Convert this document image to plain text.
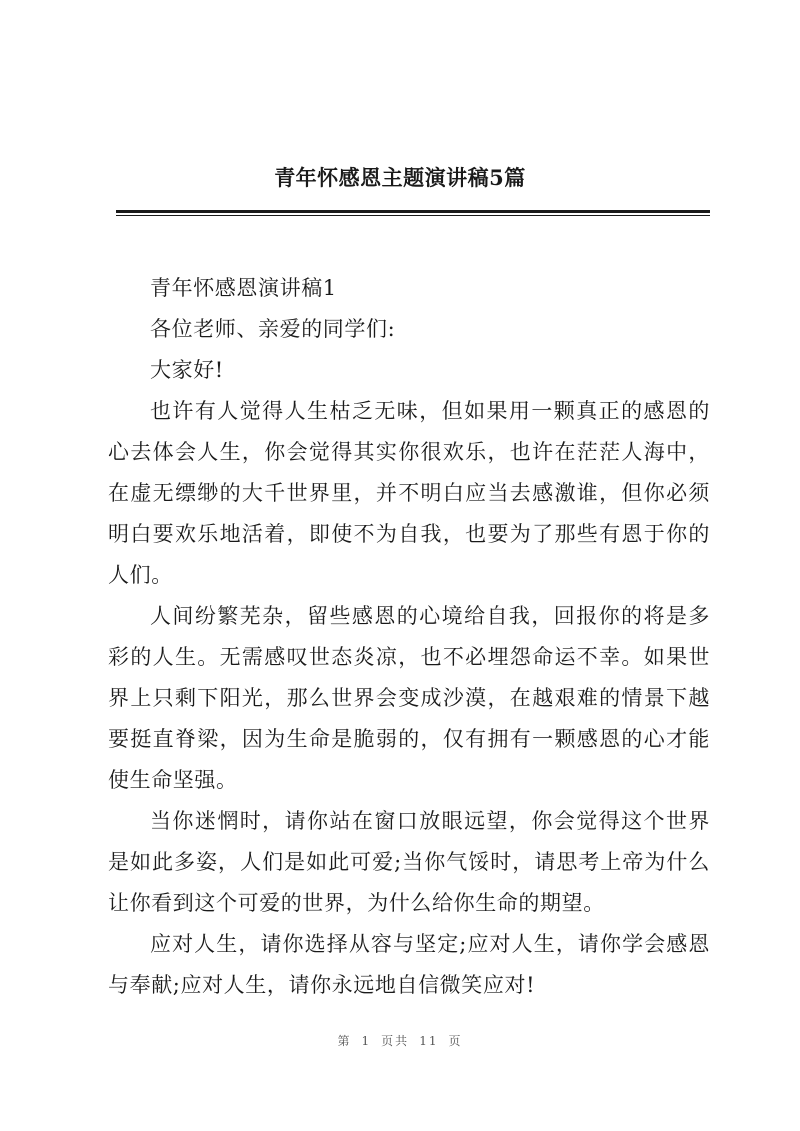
青年怀感恩主题演讲稿5篇

青年怀感恩演讲稿1

各位老师、亲爱的同学们:

大家好!

也许有人觉得人生枯乏无味，但如果用一颗真正的感恩的心去体会人生，你会觉得其实你很欢乐，也许在茫茫人海中，在虚无缥缈的大千世界里，并不明白应当去感激谁，但你必须明白要欢乐地活着，即使不为自我，也要为了那些有恩于你的人们。

人间纷繁芜杂，留些感恩的心境给自我，回报你的将是多彩的人生。无需感叹世态炎凉，也不必埋怨命运不幸。如果世界上只剩下阳光，那么世界会变成沙漠，在越艰难的情景下越要挺直脊梁，因为生命是脆弱的，仅有拥有一颗感恩的心才能使生命坚强。

当你迷惘时，请你站在窗口放眼远望，你会觉得这个世界是如此多姿，人们是如此可爱;当你气馁时，请思考上帝为什么让你看到这个可爱的世界，为什么给你生命的期望。

应对人生，请你选择从容与坚定;应对人生，请你学会感恩与奉献;应对人生，请你永远地自信微笑应对!

第 1 页共 11 页
